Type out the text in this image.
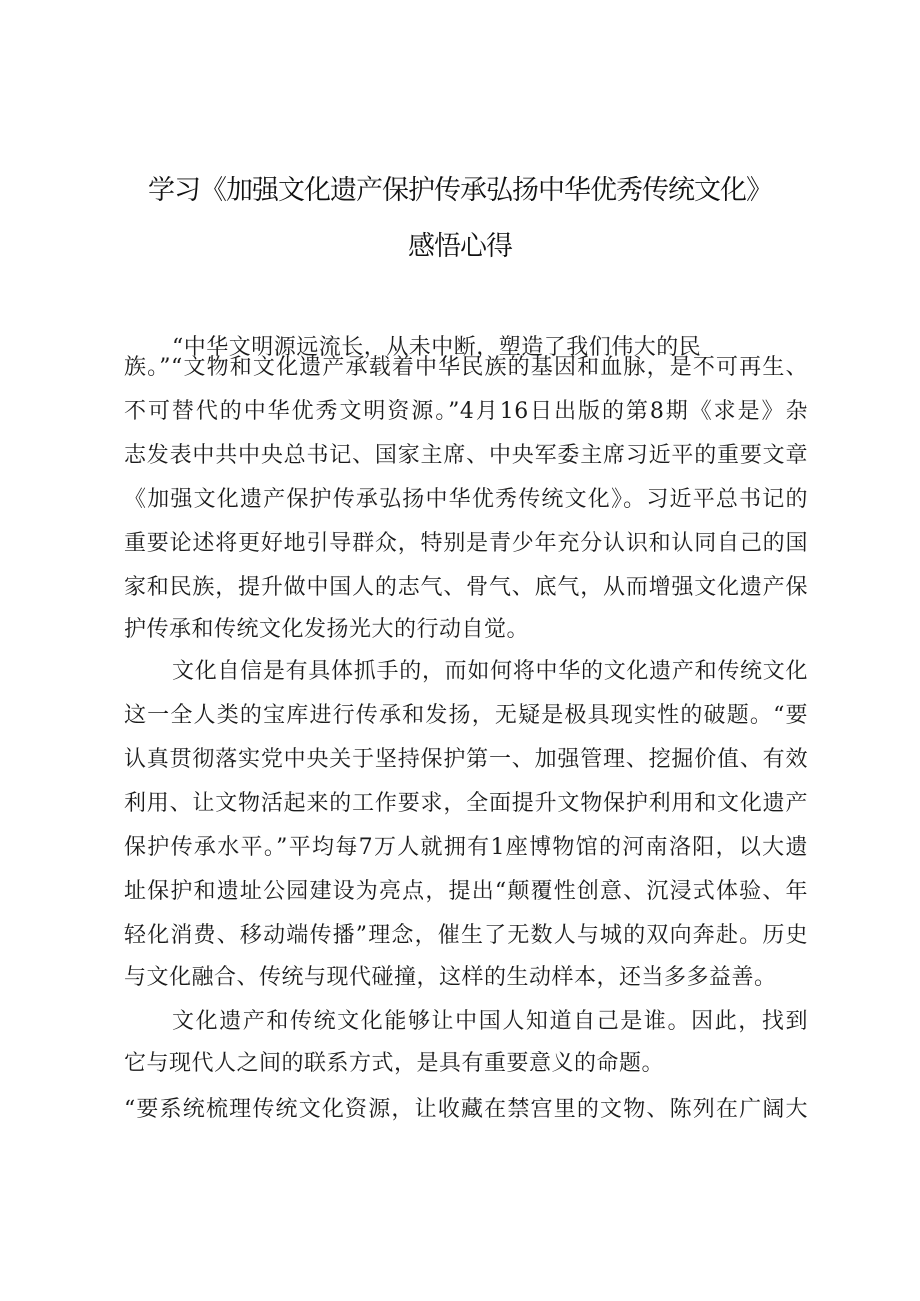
学习《加强文化遗产保护传承弘扬中华优秀传统文化》
感悟心得
“中华文明源远流长，从未中断，塑造了我们伟大的民
族。”“文物和文化遗产承载着中华民族的基因和血脉，是不可再生、
不可替代的中华优秀文明资源。”4月16日出版的第8期《求是》杂
志发表中共中央总书记、国家主席、中央军委主席习近平的重要文章
《加强文化遗产保护传承弘扬中华优秀传统文化》。习近平总书记的
重要论述将更好地引导群众，特别是青少年充分认识和认同自己的国
家和民族，提升做中国人的志气、骨气、底气，从而增强文化遗产保
护传承和传统文化发扬光大的行动自觉。
文化自信是有具体抓手的，而如何将中华的文化遗产和传统文化
这一全人类的宝库进行传承和发扬，无疑是极具现实性的破题。“要
认真贯彻落实党中央关于坚持保护第一、加强管理、挖掘价值、有效
利用、让文物活起来的工作要求，全面提升文物保护利用和文化遗产
保护传承水平。”平均每7万人就拥有1座博物馆的河南洛阳，以大遗
址保护和遗址公园建设为亮点，提出“颠覆性创意、沉浸式体验、年
轻化消费、移动端传播”理念，催生了无数人与城的双向奔赴。历史
与文化融合、传统与现代碰撞，这样的生动样本，还当多多益善。
文化遗产和传统文化能够让中国人知道自己是谁。因此，找到
它与现代人之间的联系方式，是具有重要意义的命题。
“要系统梳理传统文化资源，让收藏在禁宫里的文物、陈列在广阔大
